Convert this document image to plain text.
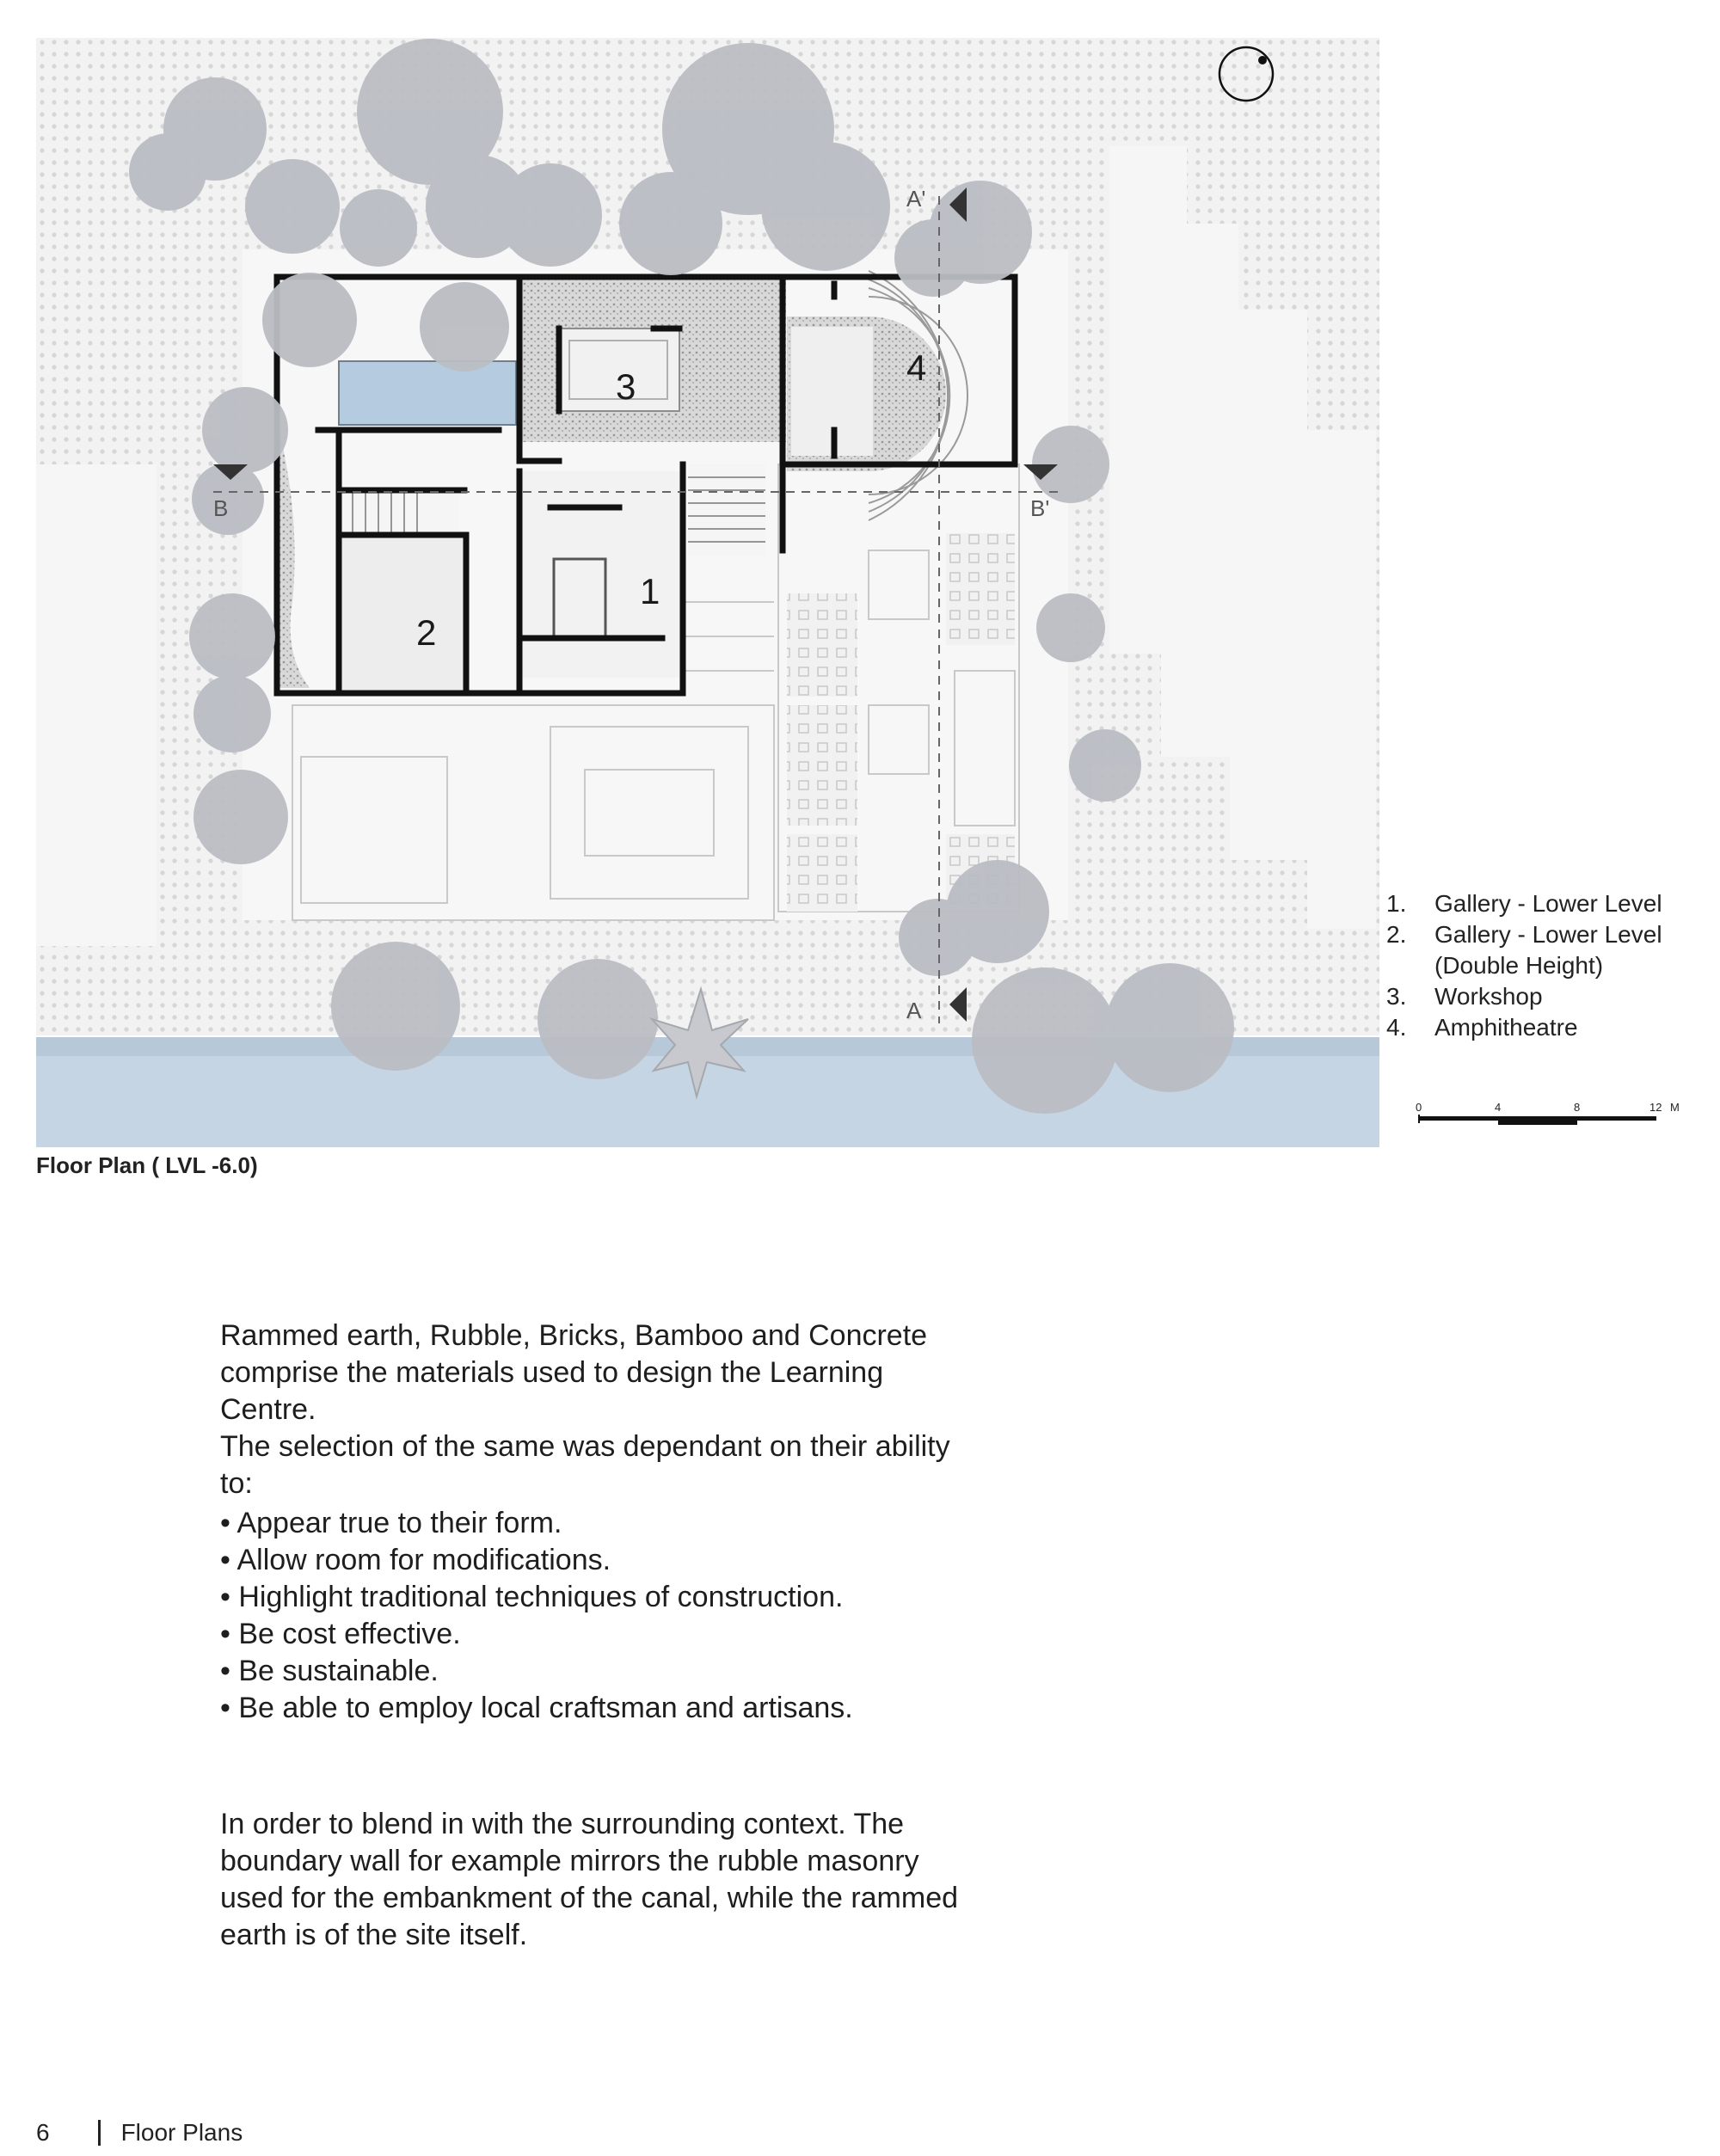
A'
A
B	B'
1
2
3	4
0	4	8	12 M
Floor Plan ( LVL -6.0)
1.	Gallery - Lower Level
2.	Gallery - Lower Level
(Double Height)
3.	Workshop
4.	Amphitheatre
Rammed earth, Rubble, Bricks, Bamboo and Concrete
comprise the materials used to design the Learning Centre.
The selection of the same was dependant on their ability to:
• Appear true to their form.
• Allow room for modifications.
• Highlight traditional techniques of construction.
• Be cost effective.
• Be sustainable.
• Be able to employ local craftsman and artisans.
In order to blend in with the surrounding context. The
boundary wall for example mirrors the rubble masonry
used for the embankment of the canal, while the rammed
earth is of the site itself.
6	Floor Plans
